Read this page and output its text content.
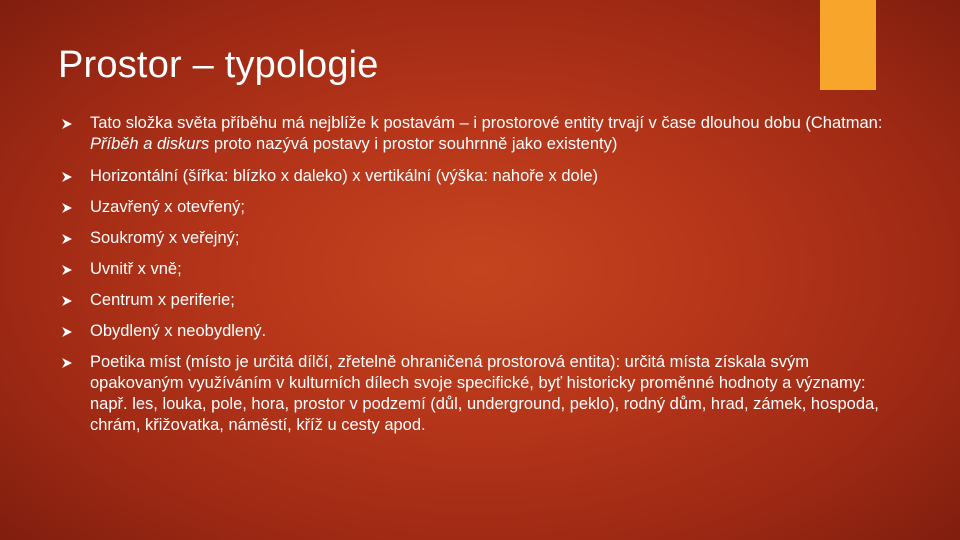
Prostor – typologie
Tato složka světa příběhu má nejblíže k postavám – i prostorové entity trvají v čase dlouhou dobu (Chatman: Příběh a diskurs proto nazývá postavy i prostor souhrnně jako existenty)
Horizontální (šířka: blízko x daleko) x vertikální (výška: nahoře x dole)
Uzavřený x otevřený;
Soukromý x veřejný;
Uvnitř x vně;
Centrum x periferie;
Obydlený x neobydlený.
Poetika míst (místo je určitá dílčí, zřetelně ohraničená prostorová entita): určitá místa získala svým opakovaným využíváním v kulturních dílech svoje specifické, byť historicky proměnné hodnoty a významy: např. les, louka, pole, hora, prostor v podzemí (důl, underground, peklo), rodný dům, hrad, zámek, hospoda, chrám, křižovatka, náměstí, kříž u cesty apod.
